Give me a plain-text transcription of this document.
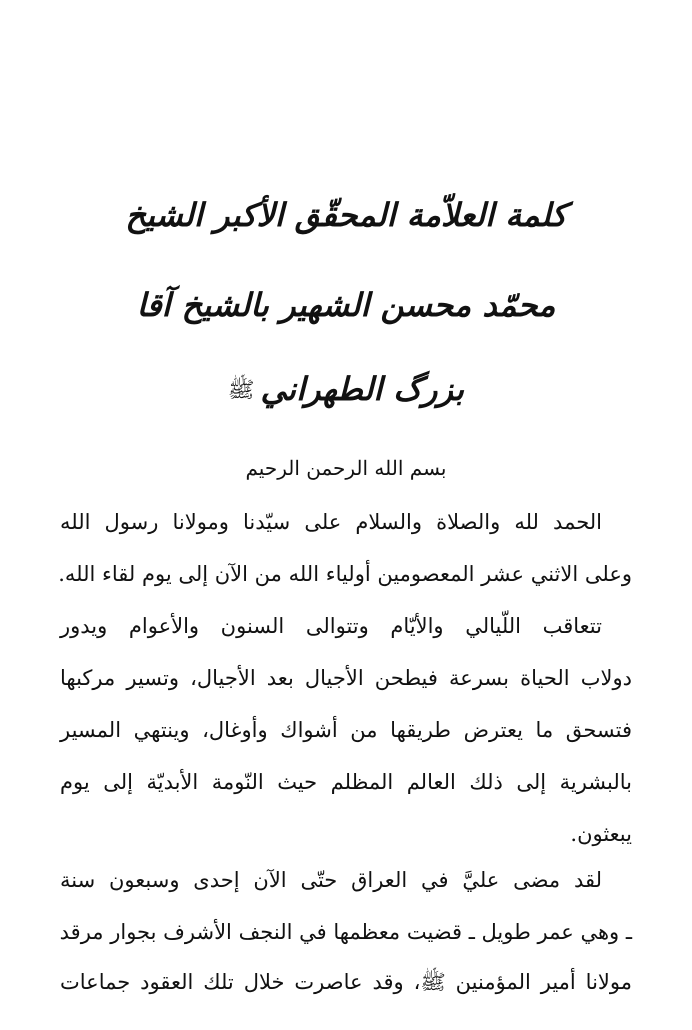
كلمة العلاّمة المحقّق الأكبر الشيخ
محمّد محسن الشهير بالشيخ آقا
بزرگ الطهرانيﷺ
بسم الله الرحمن الرحيم
الحمد لله والصلاة والسلام على سيّدنا ومولانا رسول الله
وعلى الاثني عشر المعصومين أولياء الله من الآن إلى يوم لقاء الله.
تتعاقب اللّيالي والأيّام وتتوالى السنون والأعوام ويدور
دولاب الحياة بسرعة فيطحن الأجيال بعد الأجيال، وتسير مركبها
فتسحق ما يعترض طريقها من أشواك وأوغال، وينتهي المسير
بالبشرية إلى ذلك العالم المظلم حيث النّومة الأبديّة إلى يوم
يبعثون.
لقد مضى عليَّ في العراق حتّى الآن إحدى وسبعون سنة
ـ وهي عمر طويل ـ قضيت معظمها في النجف الأشرف بجوار مرقد
مولانا أمير المؤمنين ﷺ، وقد عاصرت خلال تلك العقود جماعات
